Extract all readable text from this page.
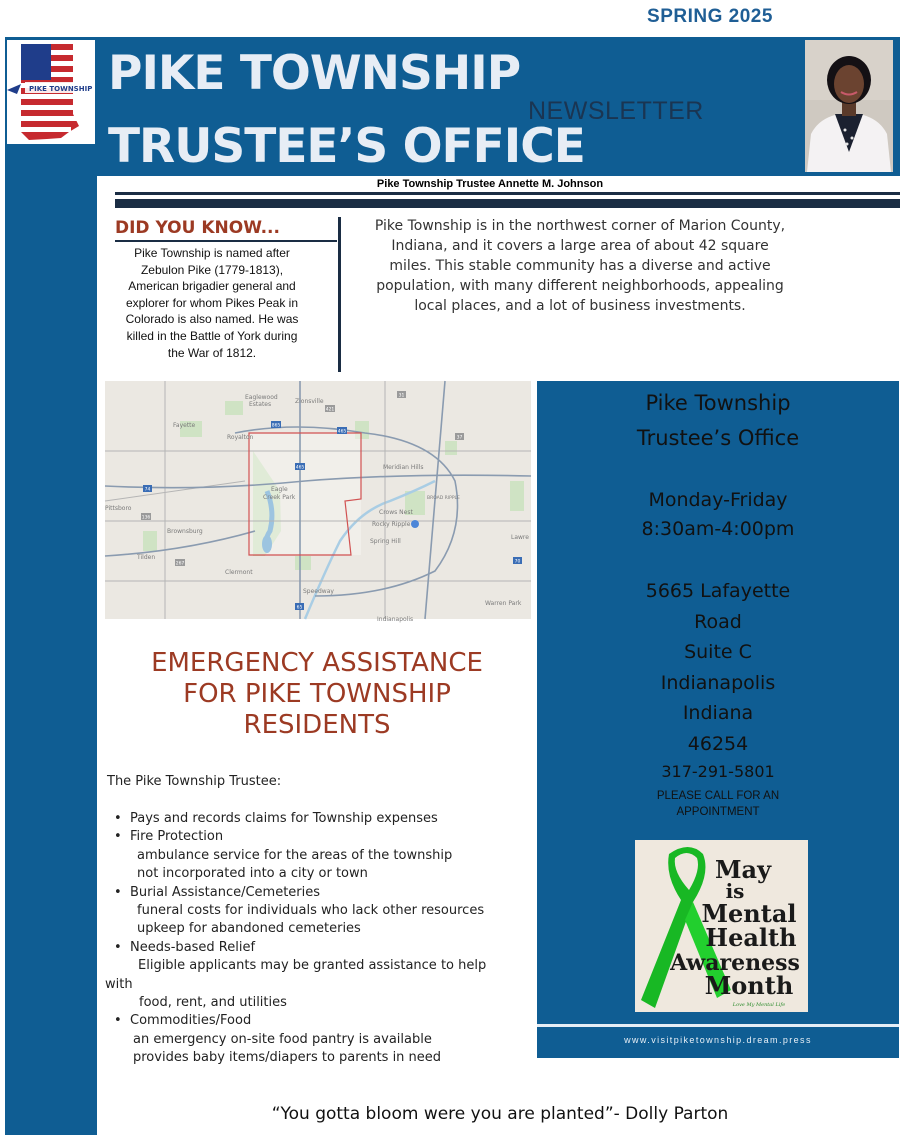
SPRING 2025
PIKE TOWNSHIP PIKE TOWNSHIP
TRUSTEE’S OFFICE
NEWSLETTER
Pike Township Trustee Annette M. Johnson
DID YOU KNOW...
Pike Township is named after
Zebulon Pike (1779-1813),
American brigadier general and
explorer for whom Pikes Peak in
Colorado is also named. He was
killed in the Battle of York during
the War of 1812.
Pike Township is in the northwest corner of Marion County,
Indiana, and it covers a large area of about 42 square
miles. This stable community has a diverse and active
population, with many different neighborhoods, appealing
local places, and a lot of business investments.
Eaglewood
Estates	Zionsville
Fayette
Royalton
Meridian Hills
Eagle
Creek Park
Pittsboro
Brownsburg
Crows Nest
Rocky Ripple
Spring Hill
Lawre
Tilden
Clermont
Speedway
Warren Park
Indianapolis
BROAD RIPPLE
465
421
31
865
465
74
136
267
65
70
37
EMERGENCY ASSISTANCE
FOR PIKE TOWNSHIP
RESIDENTS
The Pike Township Trustee:
• Pays and records claims for Township expenses
• Fire Protection
ambulance service for the areas of the township
not incorporated into a city or town
• Burial Assistance/Cemeteries
funeral costs for individuals who lack other resources
upkeep for abandoned cemeteries
• Needs-based Relief
Eligible applicants may be granted assistance to help
with
food, rent, and utilities
• Commodities/Food
an emergency on-site food pantry is available
provides baby items/diapers to parents in need
Pike Township
Trustee’s Office
Monday-Friday
8:30am-4:00pm
5665 Lafayette
Road
Suite C
Indianapolis
Indiana
46254
317-291-5801
PLEASE CALL FOR AN
APPOINTMENT
May
is
Mental
Health
Awareness
Month
Love My Mental Life
www.visitpiketownship.dream.press
“You gotta bloom were you are planted”- Dolly Parton
